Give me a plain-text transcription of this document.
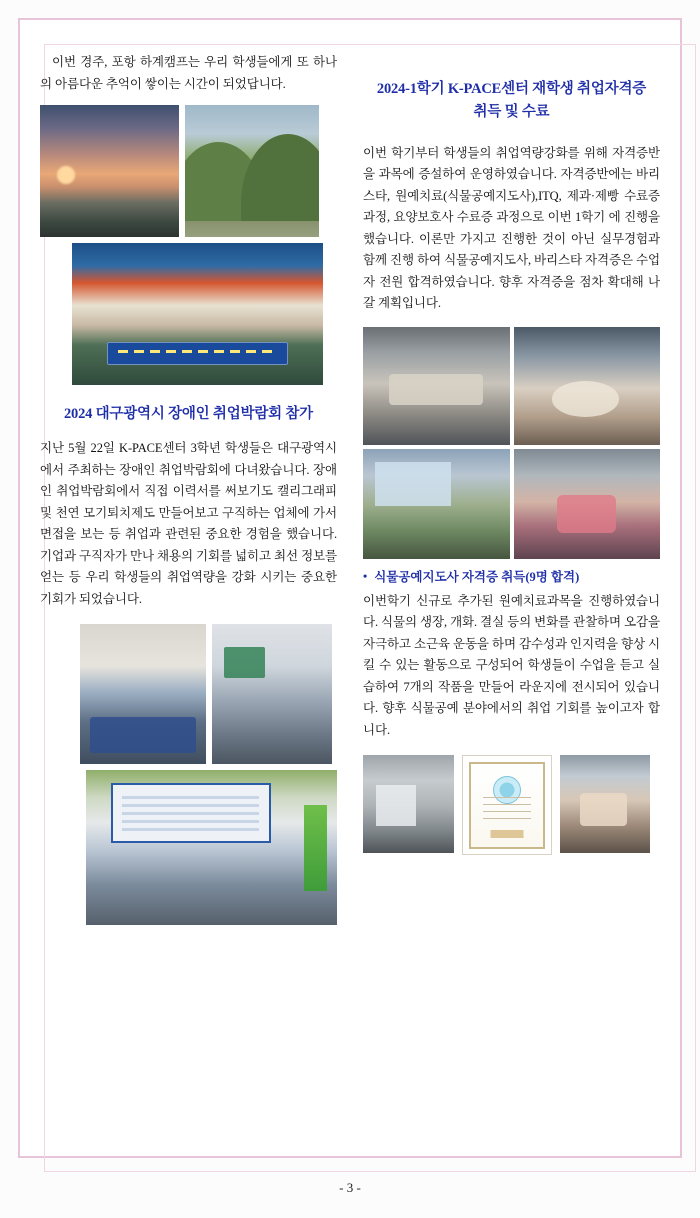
이번 경주, 포항 하계캠프는 우리 학생들에게 또 하나의 아름다운 추억이 쌓이는 시간이 되었답니다.

2024 대구광역시 장애인 취업박람회 참가

지난 5월 22일 K-PACE센터 3학년 학생들은 대구광역시에서 주최하는 장애인 취업박람회에 다녀왔습니다. 장애인 취업박람회에서 직접 이력서를 써보기도 캘리그래피 및 천연 모기퇴치제도 만들어보고 구직하는 업체에 가서 면접을 보는 등 취업과 관련된 중요한 경험을 했습니다. 기업과 구직자가 만나 채용의 기회를 넓히고 최선 정보를 얻는 등 우리 학생들의 취업역량을 강화 시키는 중요한 기회가 되었습니다.

2024-1학기 K-PACE센터 재학생 취업자격증
취득 및 수료

이번 학기부터 학생들의 취업역량강화를 위해 자격증반을 과목에 증설하여 운영하였습니다. 자격증반에는 바리스타, 원예치료(식물공예지도사),ITQ, 제과·제빵 수료증과정, 요양보호사 수료증 과정으로 이번 1학기 에 진행을 했습니다. 이론만 가지고 진행한 것이 아닌 실무경험과 함께 진행 하여 식물공예지도사, 바리스타 자격증은 수업자 전원 합격하였습니다. 향후 자격증을 점차 확대해 나갈 계획입니다.

• 식물공예지도사 자격증 취득(9명 합격)

이번학기 신규로 추가된 원예치료과목을 진행하였습니다. 식물의 생장, 개화. 결실 등의 변화를 관찰하며 오감을 자극하고 소근육 운동을 하며 감수성과 인지력을 향상 시킬 수 있는 활동으로 구성되어 학생들이 수업을 듣고 실습하여 7개의 작품을 만들어 라운지에 전시되어 있습니다. 향후 식물공예 분야에서의 취업 기회를 높이고자 합니다.

- 3 -
